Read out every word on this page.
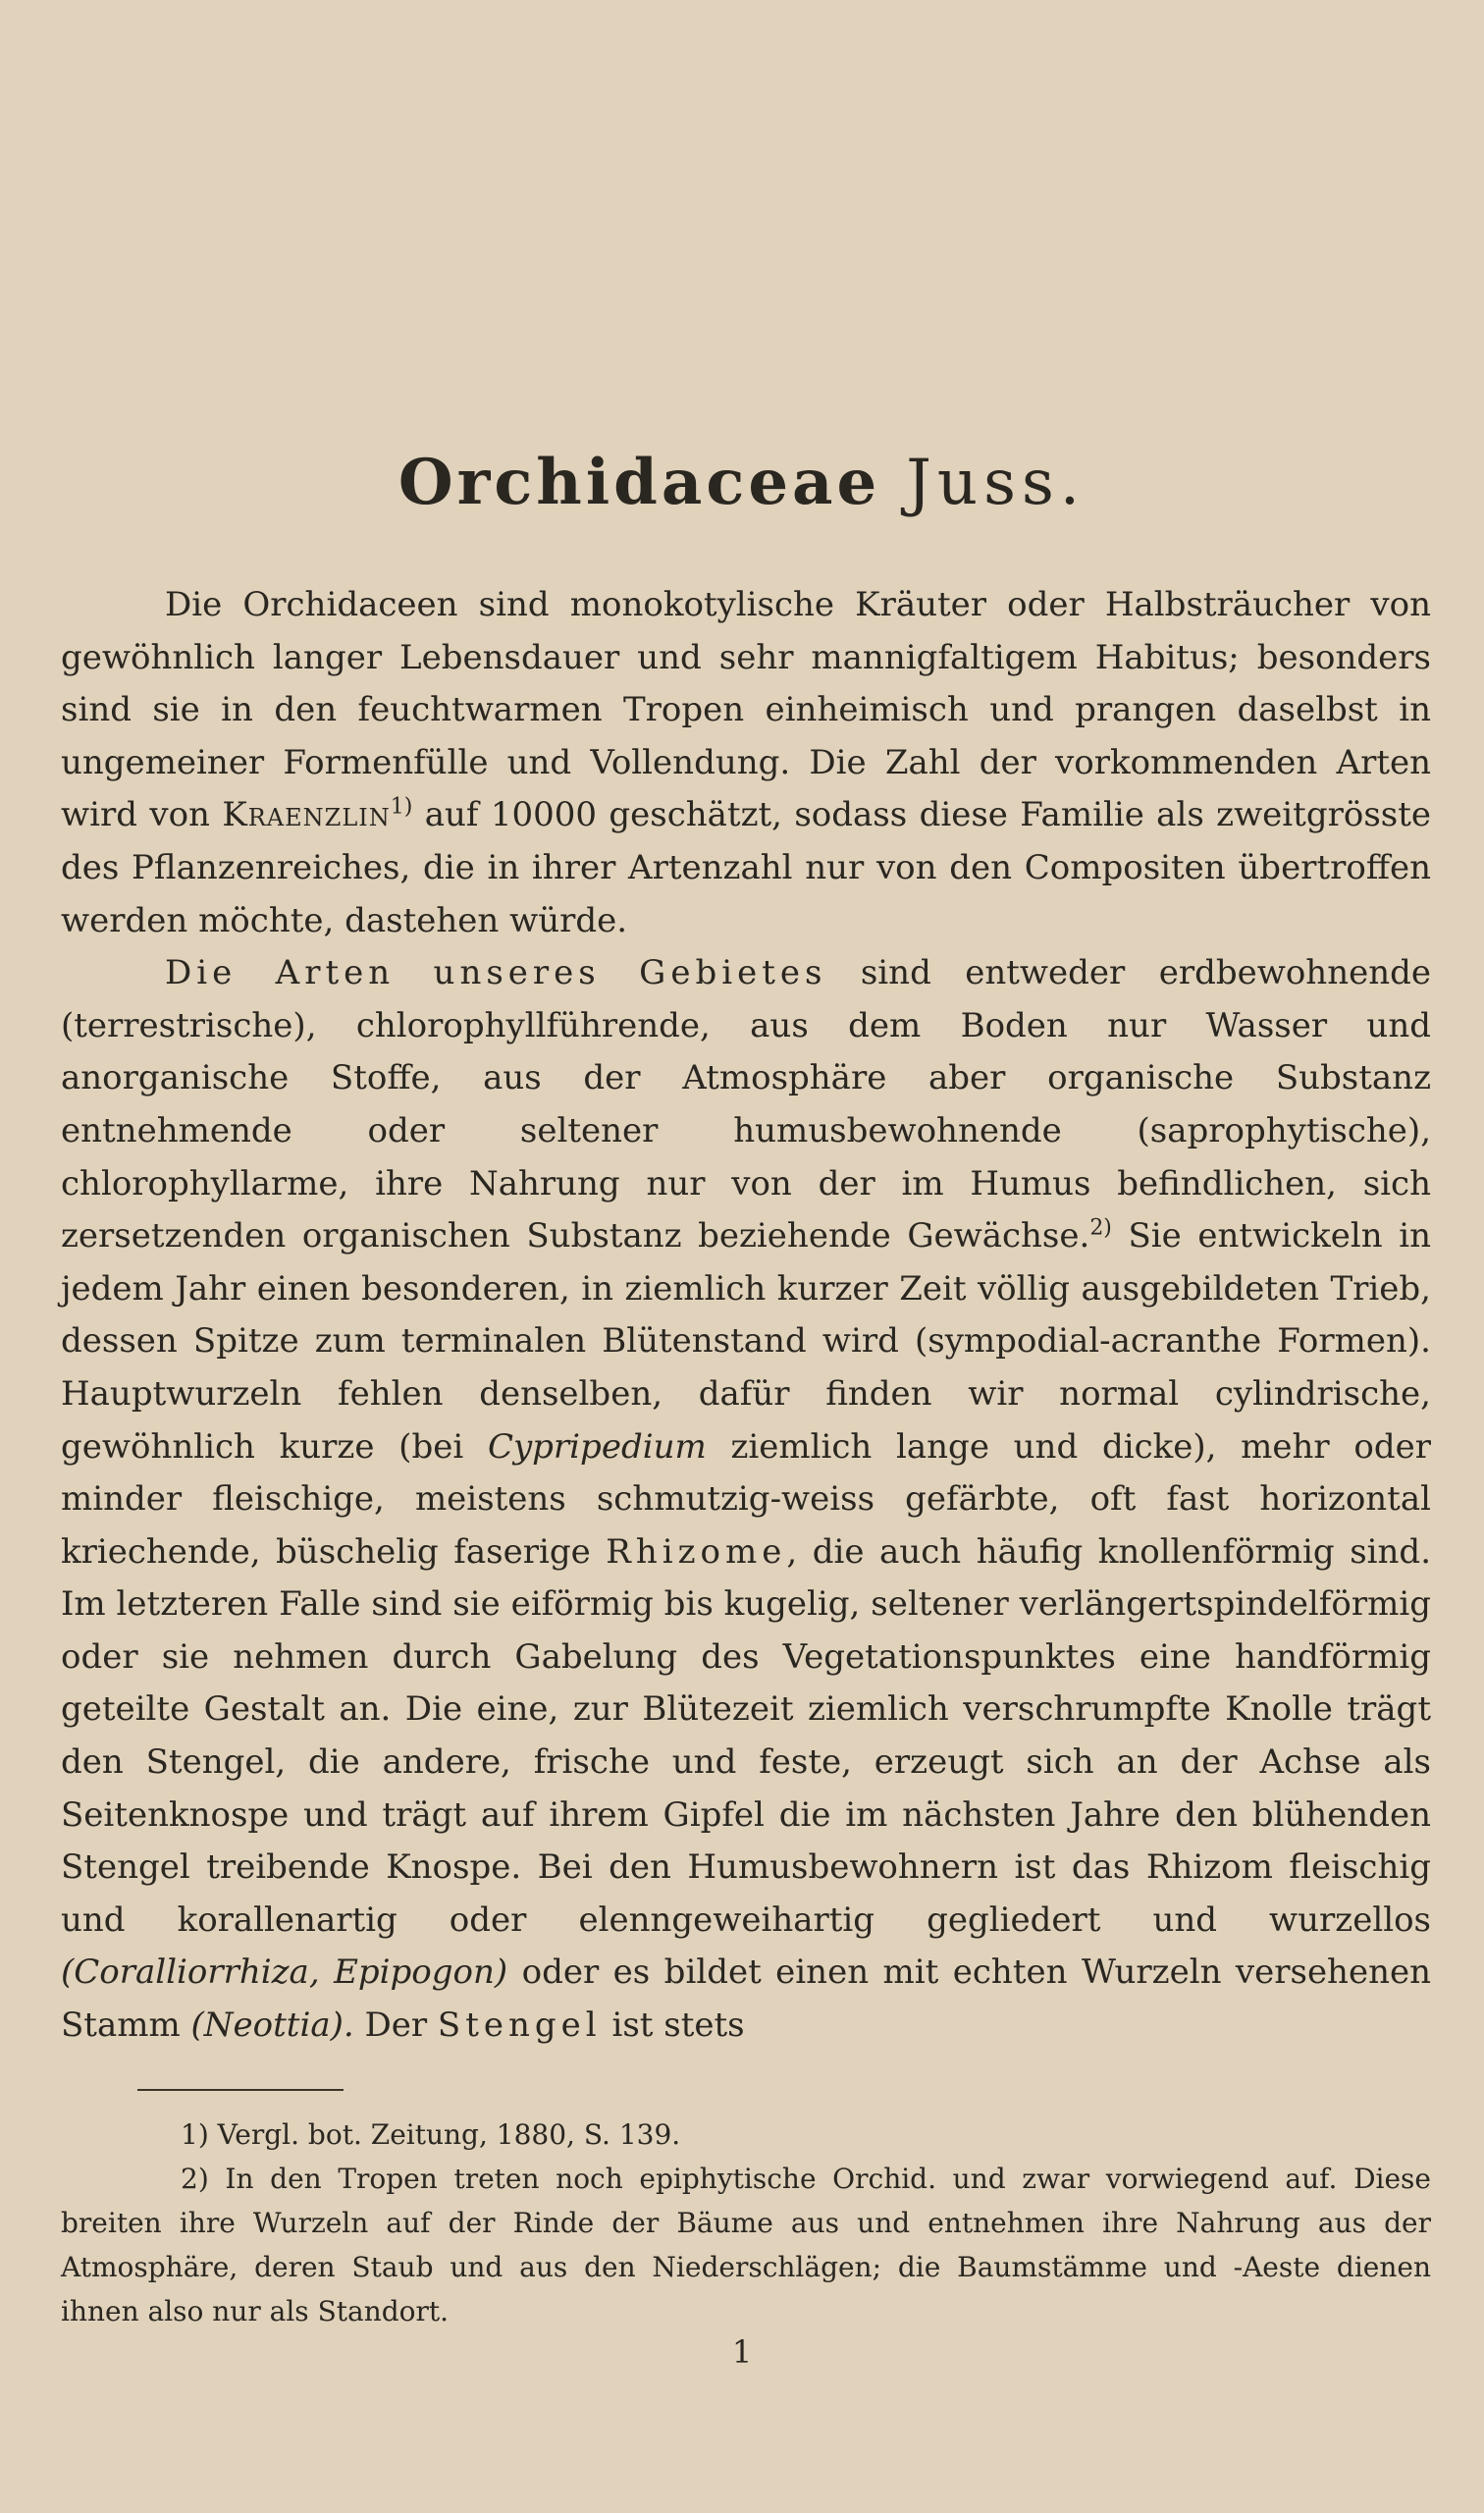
Orchidaceae Juss.

Die Orchidaceen sind monokotylische Kräuter oder Halbsträucher von gewöhnlich langer Lebensdauer und sehr mannigfaltigem Habitus; besonders sind sie in den feuchtwarmen Tropen einheimisch und prangen daselbst in ungemeiner Formenfülle und Vollendung. Die Zahl der vorkommenden Arten wird von Kraenzlin$^{1)}$ auf 10000 geschätzt, sodass diese Familie als zweitgrösste des Pflanzenreiches, die in ihrer Artenzahl nur von den Compositen übertroffen werden möchte, dastehen würde.

Die Arten unseres Gebietes sind entweder erdbewohnende (terrestrische), chlorophyllführende, aus dem Boden nur Wasser und anorganische Stoffe, aus der Atmosphäre aber organische Substanz entnehmende oder seltener humusbewohnende (saprophytische), chlorophyllarme, ihre Nahrung nur von der im Humus befindlichen, sich zersetzenden organischen Substanz beziehende Gewächse.$^{2)}$ Sie entwickeln in jedem Jahr einen besonderen, in ziemlich kurzer Zeit völlig ausgebildeten Trieb, dessen Spitze zum terminalen Blütenstand wird (sympodial-acranthe Formen). Hauptwurzeln fehlen denselben, dafür finden wir normal cylindrische, gewöhnlich kurze (bei Cypripedium ziemlich lange und dicke), mehr oder minder fleischige, meistens schmutzig-weiss gefärbte, oft fast horizontal kriechende, büschelig faserige Rhizome, die auch häufig knollenförmig sind. Im letzteren Falle sind sie eiförmig bis kugelig, seltener verlängertspindelförmig oder sie nehmen durch Gabelung des Vegetationspunktes eine handförmig geteilte Gestalt an. Die eine, zur Blütezeit ziemlich verschrumpfte Knolle trägt den Stengel, die andere, frische und feste, erzeugt sich an der Achse als Seitenknospe und trägt auf ihrem Gipfel die im nächsten Jahre den blühenden Stengel treibende Knospe. Bei den Humusbewohnern ist das Rhizom fleischig und korallenartig oder elenngeweihartig gegliedert und wurzellos (Coralliorrhiza, Epipogon) oder es bildet einen mit echten Wurzeln versehenen Stamm (Neottia). Der Stengel ist stets

1) Vergl. bot. Zeitung, 1880, S. 139.

2) In den Tropen treten noch epiphytische Orchid. und zwar vorwiegend auf. Diese breiten ihre Wurzeln auf der Rinde der Bäume aus und entnehmen ihre Nahrung aus der Atmosphäre, deren Staub und aus den Niederschlägen; die Baumstämme und -Aeste dienen ihnen also nur als Standort.

1
